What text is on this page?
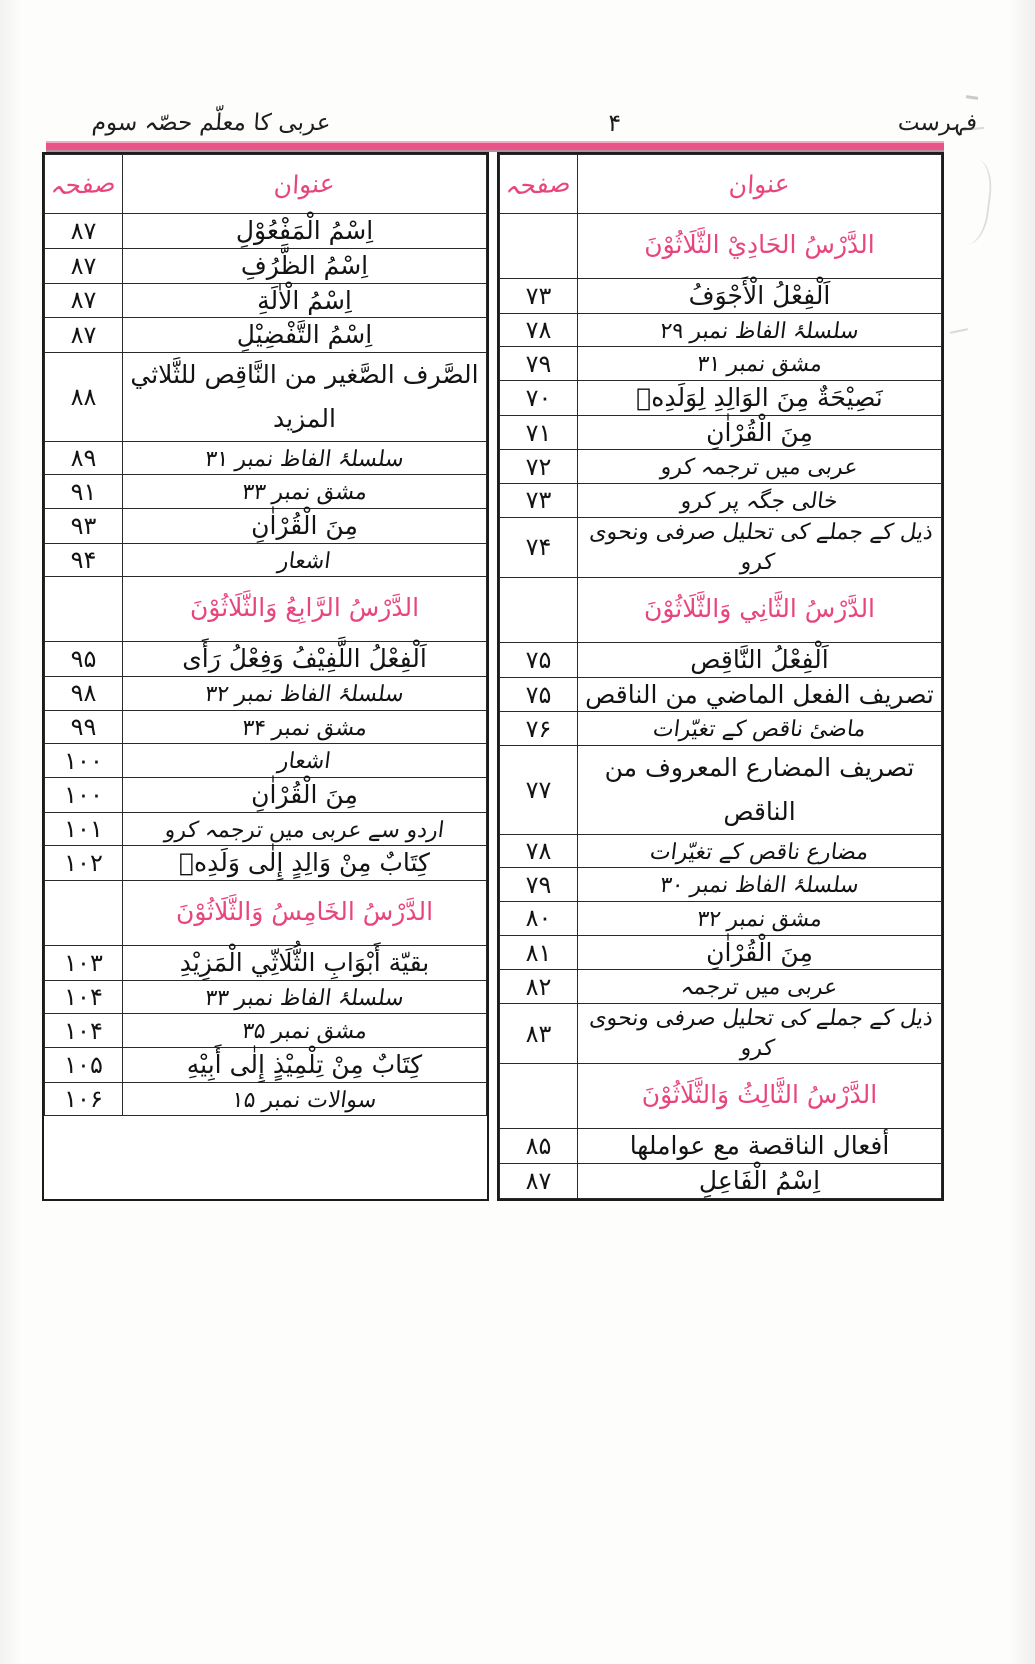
عربی کا معلّم حصّہ سوم	۴	فہرست
عنوان	صفحہ
الدَّرْسُ الحَادِيْ الثَّلَاثُوْنَ	
اَلْفِعْلُ الْأَجْوَفُ	۷۳
سلسلۂ الفاظ نمبر ۲۹	۷۸
مشق نمبر ۳۱	۷۹
نَصِيْحَةٌ مِنَ الوَالِدِ لِوَلَدِهٖ	۷۰
مِنَ الْقُرْاٰنِ	۷۱
عربی میں ترجمہ کرو	۷۲
خالی جگہ پر کرو	۷۳
ذیل کے جملے کی تحلیل صرفی ونحوی کرو	۷۴
الدَّرْسُ الثَّانِي وَالثَّلَاثُوْنَ	
اَلْفِعْلُ النَّاقِص	۷۵
تصريف الفعل الماضي من الناقص	۷۵
ماضیٔ ناقص کے تغیّرات	۷۶
تصريف المضارع المعروف من الناقص	۷۷
مضارع ناقص کے تغیّرات	۷۸
سلسلۂ الفاظ نمبر ۳۰	۷۹
مشق نمبر ۳۲	۸۰
مِنَ الْقُرْاٰنِ	۸۱
عربی میں ترجمہ	۸۲
ذیل کے جملے کی تحلیل صرفی ونحوی کرو	۸۳
الدَّرْسُ الثَّالِثُ وَالثَّلَاثُوْنَ	
أفعال الناقصة مع عواملها	۸۵
اِسْمُ الْفَاعِلِ	۸۷
عنوان	صفحہ
اِسْمُ الْمَفْعُوْلِ	۸۷
اِسْمُ الظَّرُفِ	۸۷
اِسْمُ الْاٰلَةِ	۸۷
اِسْمُ التَّفْضِيْلِ	۸۷
الصَّرف الصَّغير من النَّاقِص للثَّلاثي المزيد	۸۸
سلسلۂ الفاظ نمبر ۳۱	۸۹
مشق نمبر ۳۳	۹۱
مِنَ الْقُرْاٰنِ	۹۳
اشعار	۹۴
الدَّرْسُ الرَّابِعُ وَالثَّلَاثُوْنَ	
اَلْفِعْلُ اللَّفِيْفُ وَفِعْلُ رَأَى	۹۵
سلسلۂ الفاظ نمبر ۳۲	۹۸
مشق نمبر ۳۴	۹۹
اشعار	۱۰۰
مِنَ الْقُرْاٰنِ	۱۰۰
اردو سے عربی میں ترجمہ کرو	۱۰۱
كِتَابٌ مِنْ وَالِدٍ إِلٰى وَلَدِهٖ	۱۰۲
الدَّرْسُ الخَامِسُ وَالثَّلَاثُوْنَ	
بقيّة أَبْوَابِ الثُّلَاثِّي الْمَزِيْدِ	۱۰۳
سلسلۂ الفاظ نمبر ۳۳	۱۰۴
مشق نمبر ۳۵	۱۰۴
كِتَابٌ مِنْ تِلْمِيْذٍ إِلٰى أَبِيْهِ	۱۰۵
سوالات نمبر ۱۵	۱۰۶
